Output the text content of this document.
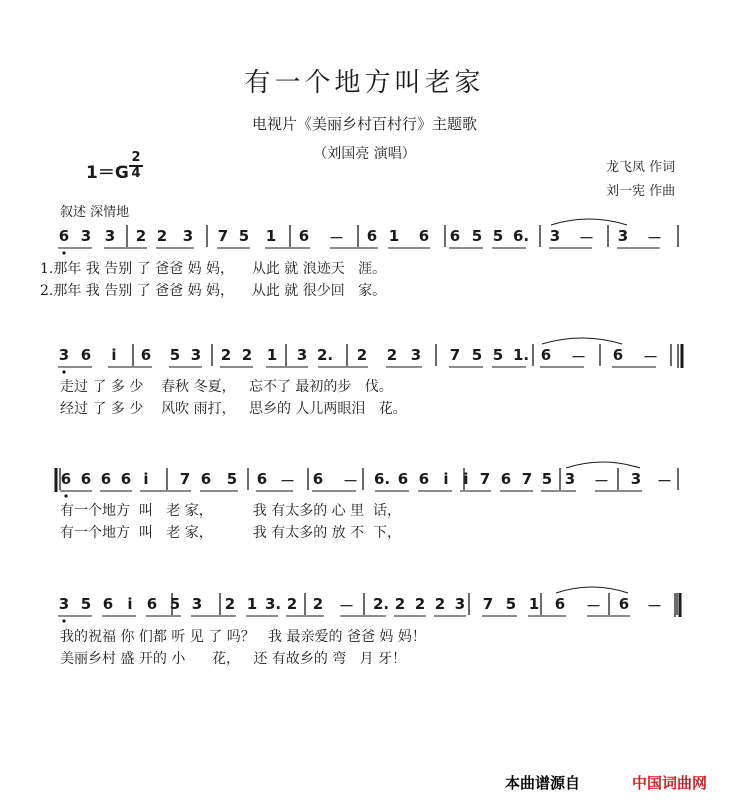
有一个地方叫老家
电视片《美丽乡村百村行》主题歌
（刘国亮 演唱）
1＝G
2
4	龙飞凤 作词
刘一宪 作曲
叙述 深情地
6 3 3 2 2 3 7 5 1 6 － 6 1 6 6 5 5 6. 3 － 3 －
1.那年 我 告别 了 爸爸 妈 妈，    从此 就 浪迹天   涯。
2.那年 我 告别 了 爸爸 妈 妈，    从此 就 很少回   家。
3 6 i 6 5 3 2 2 1 3 2. 2 2 3 7 5 5 1. 6 － 6 －
走过 了 多 少    春秋 冬夏，   忘不了 最初的步   伐。
经过 了 多 少    风吹 雨打，   思乡的 人儿两眼泪   花。
6 6 6 6 i 7 6 5 6 － 6 － 6. 6 6 i i 7 6 7 5 3 － 3 －
有一个地方  叫   老 家，         我 有太多的 心 里  话，
有一个地方  叫   老 家，         我 有太多的 放 不  下，
3 5 6 i 6 5 3 2 1 3. 2 2 － 2. 2 2 2 3 7 5 1 6 － 6 －
我的祝福 你 们都 听 见 了 吗？   我 最亲爱的 爸爸 妈 妈！
美丽乡村 盛 开的 小      花，   还 有故乡的 弯   月 牙！
本曲谱源自	中国词曲网
